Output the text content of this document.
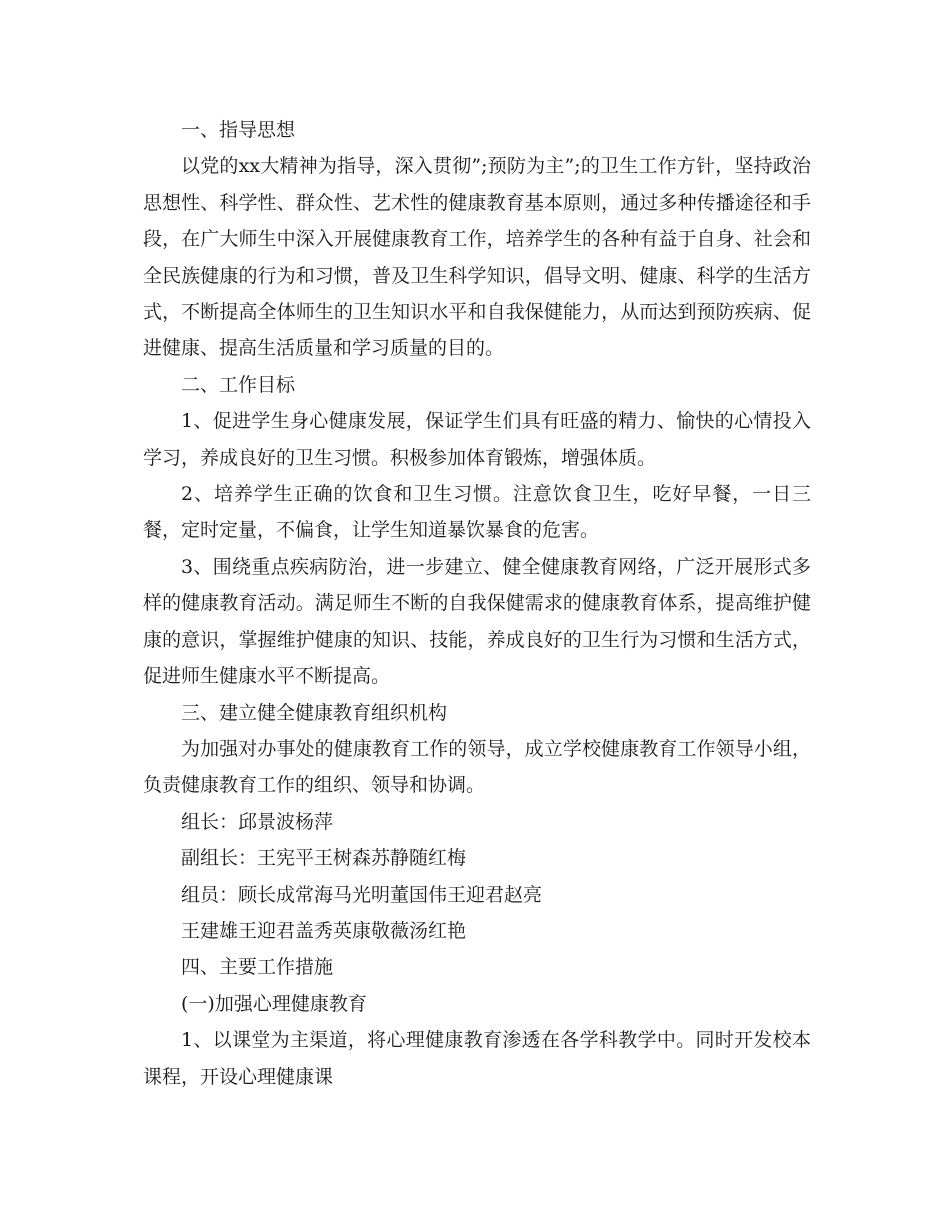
一、指导思想

以党的xx大精神为指导，深入贯彻”;预防为主”;的卫生工作方针，坚持政治思想性、科学性、群众性、艺术性的健康教育基本原则，通过多种传播途径和手段，在广大师生中深入开展健康教育工作，培养学生的各种有益于自身、社会和全民族健康的行为和习惯，普及卫生科学知识，倡导文明、健康、科学的生活方式，不断提高全体师生的卫生知识水平和自我保健能力，从而达到预防疾病、促进健康、提高生活质量和学习质量的目的。

二、工作目标

1、促进学生身心健康发展，保证学生们具有旺盛的精力、愉快的心情投入学习，养成良好的卫生习惯。积极参加体育锻炼，增强体质。

2、培养学生正确的饮食和卫生习惯。注意饮食卫生，吃好早餐，一日三餐，定时定量，不偏食，让学生知道暴饮暴食的危害。

3、围绕重点疾病防治，进一步建立、健全健康教育网络，广泛开展形式多样的健康教育活动。满足师生不断的自我保健需求的健康教育体系，提高维护健康的意识，掌握维护健康的知识、技能，养成良好的卫生行为习惯和生活方式，促进师生健康水平不断提高。

三、建立健全健康教育组织机构

为加强对办事处的健康教育工作的领导，成立学校健康教育工作领导小组，负责健康教育工作的组织、领导和协调。

组长：邱景波杨萍

副组长：王宪平王树森苏静随红梅

组员：顾长成常海马光明董国伟王迎君赵亮

王建雄王迎君盖秀英康敬薇汤红艳

四、主要工作措施

(一)加强心理健康教育

1、以课堂为主渠道，将心理健康教育渗透在各学科教学中。同时开发校本课程，开设心理健康课
